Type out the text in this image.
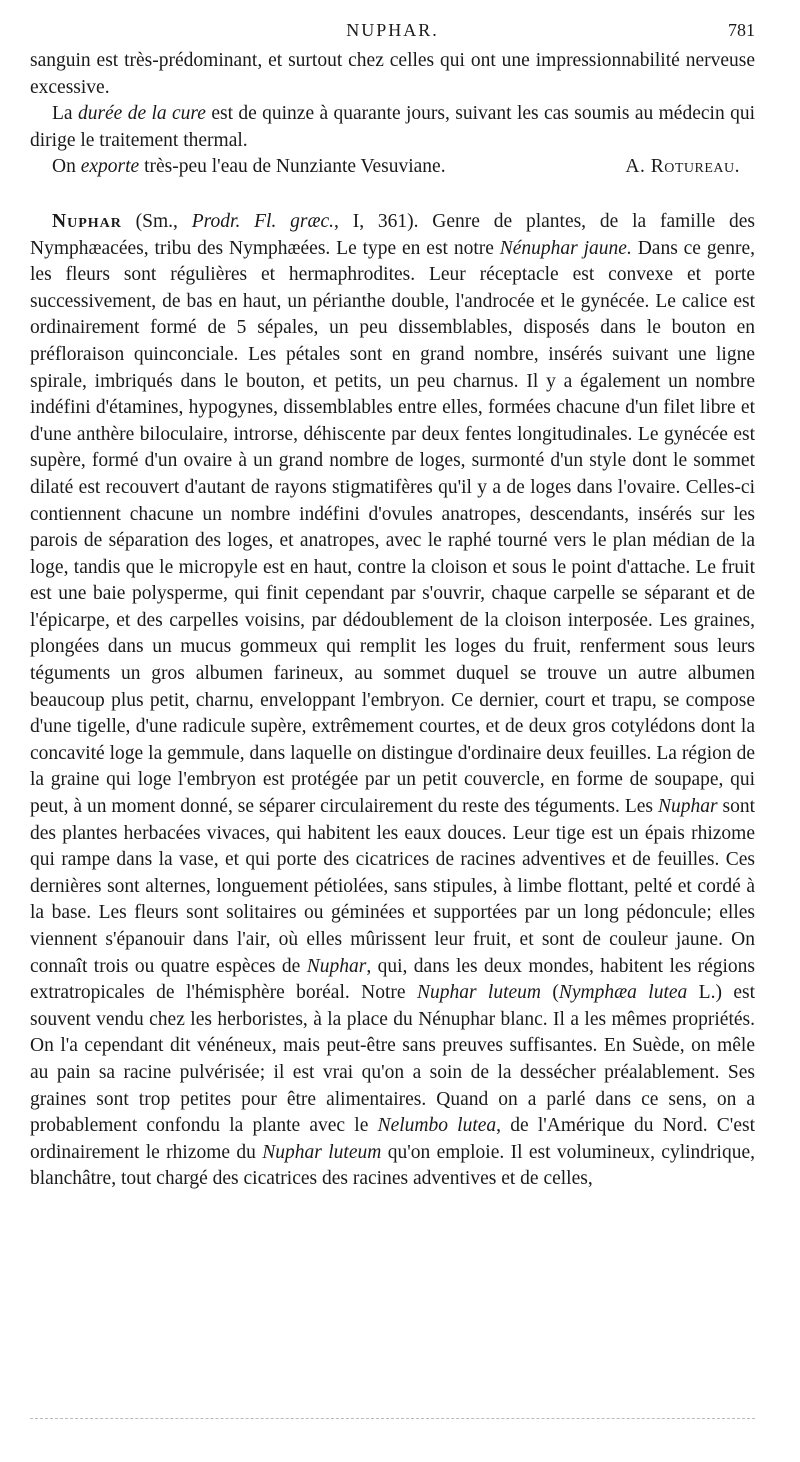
NUPHAR.	781

sanguin est très-prédominant, et surtout chez celles qui ont une impressionnabilité nerveuse excessive.

La durée de la cure est de quinze à quarante jours, suivant les cas soumis au médecin qui dirige le traitement thermal.

On exporte très-peu l'eau de Nunziante Vesuviane.	A. Rotureau.

Nuphar (Sm., Prodr. Fl. græc., I, 361). Genre de plantes, de la famille des Nymphæacées, tribu des Nymphæées. Le type en est notre Nénuphar jaune. Dans ce genre, les fleurs sont régulières et hermaphrodites. Leur réceptacle est convexe et porte successivement, de bas en haut, un périanthe double, l'androcée et le gynécée. Le calice est ordinairement formé de 5 sépales, un peu dissemblables, disposés dans le bouton en préfloraison quinconciale. Les pétales sont en grand nombre, insérés suivant une ligne spirale, imbriqués dans le bouton, et petits, un peu charnus. Il y a également un nombre indéfini d'étamines, hypogynes, dissemblables entre elles, formées chacune d'un filet libre et d'une anthère biloculaire, introrse, déhiscente par deux fentes longitudinales. Le gynécée est supère, formé d'un ovaire à un grand nombre de loges, surmonté d'un style dont le sommet dilaté est recouvert d'autant de rayons stigmatifères qu'il y a de loges dans l'ovaire. Celles-ci contiennent chacune un nombre indéfini d'ovules anatropes, descendants, insérés sur les parois de séparation des loges, et anatropes, avec le raphé tourné vers le plan médian de la loge, tandis que le micropyle est en haut, contre la cloison et sous le point d'attache. Le fruit est une baie polysperme, qui finit cependant par s'ouvrir, chaque carpelle se séparant et de l'épicarpe, et des carpelles voisins, par dédoublement de la cloison interposée. Les graines, plongées dans un mucus gommeux qui remplit les loges du fruit, renferment sous leurs téguments un gros albumen farineux, au sommet duquel se trouve un autre albumen beaucoup plus petit, charnu, enveloppant l'embryon. Ce dernier, court et trapu, se compose d'une tigelle, d'une radicule supère, extrêmement courtes, et de deux gros cotylédons dont la concavité loge la gemmule, dans laquelle on distingue d'ordinaire deux feuilles. La région de la graine qui loge l'embryon est protégée par un petit couvercle, en forme de soupape, qui peut, à un moment donné, se séparer circulairement du reste des téguments. Les Nuphar sont des plantes herbacées vivaces, qui habitent les eaux douces. Leur tige est un épais rhizome qui rampe dans la vase, et qui porte des cicatrices de racines adventives et de feuilles. Ces dernières sont alternes, longuement pétiolées, sans stipules, à limbe flottant, pelté et cordé à la base. Les fleurs sont solitaires ou géminées et supportées par un long pédoncule; elles viennent s'épanouir dans l'air, où elles mûrissent leur fruit, et sont de couleur jaune. On connaît trois ou quatre espèces de Nuphar, qui, dans les deux mondes, habitent les régions extratropicales de l'hémisphère boréal. Notre Nuphar luteum (Nymphæa lutea L.) est souvent vendu chez les herboristes, à la place du Nénuphar blanc. Il a les mêmes propriétés. On l'a cependant dit vénéneux, mais peut-être sans preuves suffisantes. En Suède, on mêle au pain sa racine pulvérisée; il est vrai qu'on a soin de la dessécher préalablement. Ses graines sont trop petites pour être alimentaires. Quand on a parlé dans ce sens, on a probablement confondu la plante avec le Nelumbo lutea, de l'Amérique du Nord. C'est ordinairement le rhizome du Nuphar luteum qu'on emploie. Il est volumineux, cylindrique, blanchâtre, tout chargé des cicatrices des racines adventives et de celles,
